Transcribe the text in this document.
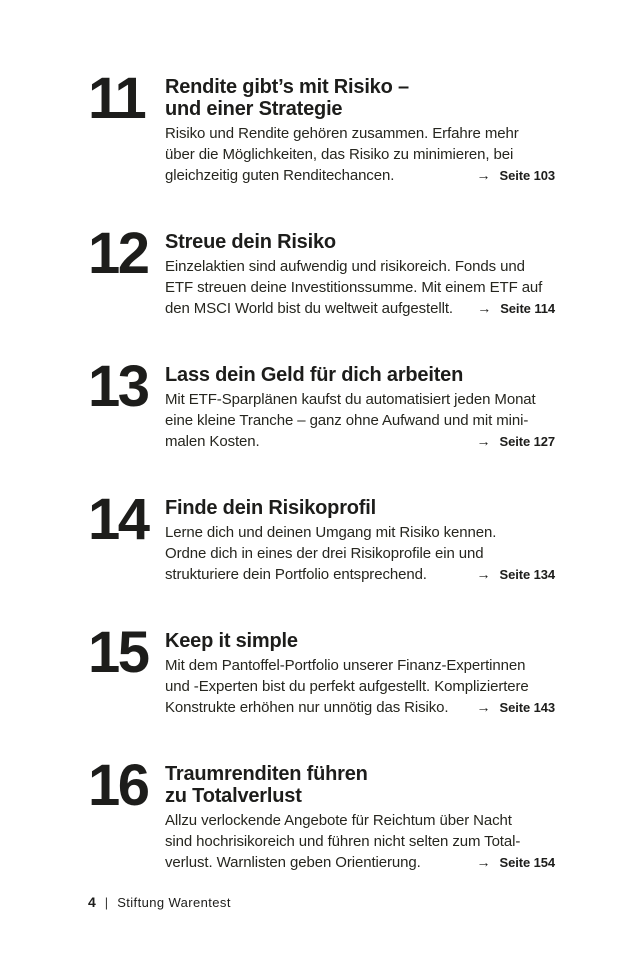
11	Rendite gibt’s mit Risiko –
und einer Strategie
Risiko und Rendite gehören zusammen. Erfahre mehr
über die Möglichkeiten, das Risiko zu minimieren, bei
gleichzeitig guten Renditechancen.	→ Seite 103
12 Streue dein Risiko
Einzelaktien sind aufwendig und risikoreich. Fonds und
ETF streuen deine Investitionssumme. Mit einem ETF auf
den MSCI World bist du weltweit aufgestellt. → Seite 114
13 Lass dein Geld für dich arbeiten
Mit ETF-Sparplänen kaufst du automatisiert jeden Monat
eine kleine Tranche – ganz ohne Aufwand und mit mini-
malen Kosten.	→ Seite 127
14 Finde dein Risikoprofil
Lerne dich und deinen Umgang mit Risiko kennen.
Ordne dich in eines der drei Risikoprofile ein und
strukturiere dein Portfolio entsprechend.	→ Seite 134
15 Keep it simple
Mit dem Pantoffel-Portfolio unserer Finanz-Expertinnen
und -Experten bist du perfekt aufgestellt. Kompliziertere
Konstrukte erhöhen nur unnötig das Risiko. → Seite 143
16 Traumrenditen führen
zu Totalverlust
Allzu verlockende Angebote für Reichtum über Nacht
sind hochrisikoreich und führen nicht selten zum Total-
verlust. Warnlisten geben Orientierung.	→ Seite 154
4 | Stiftung Warentest
